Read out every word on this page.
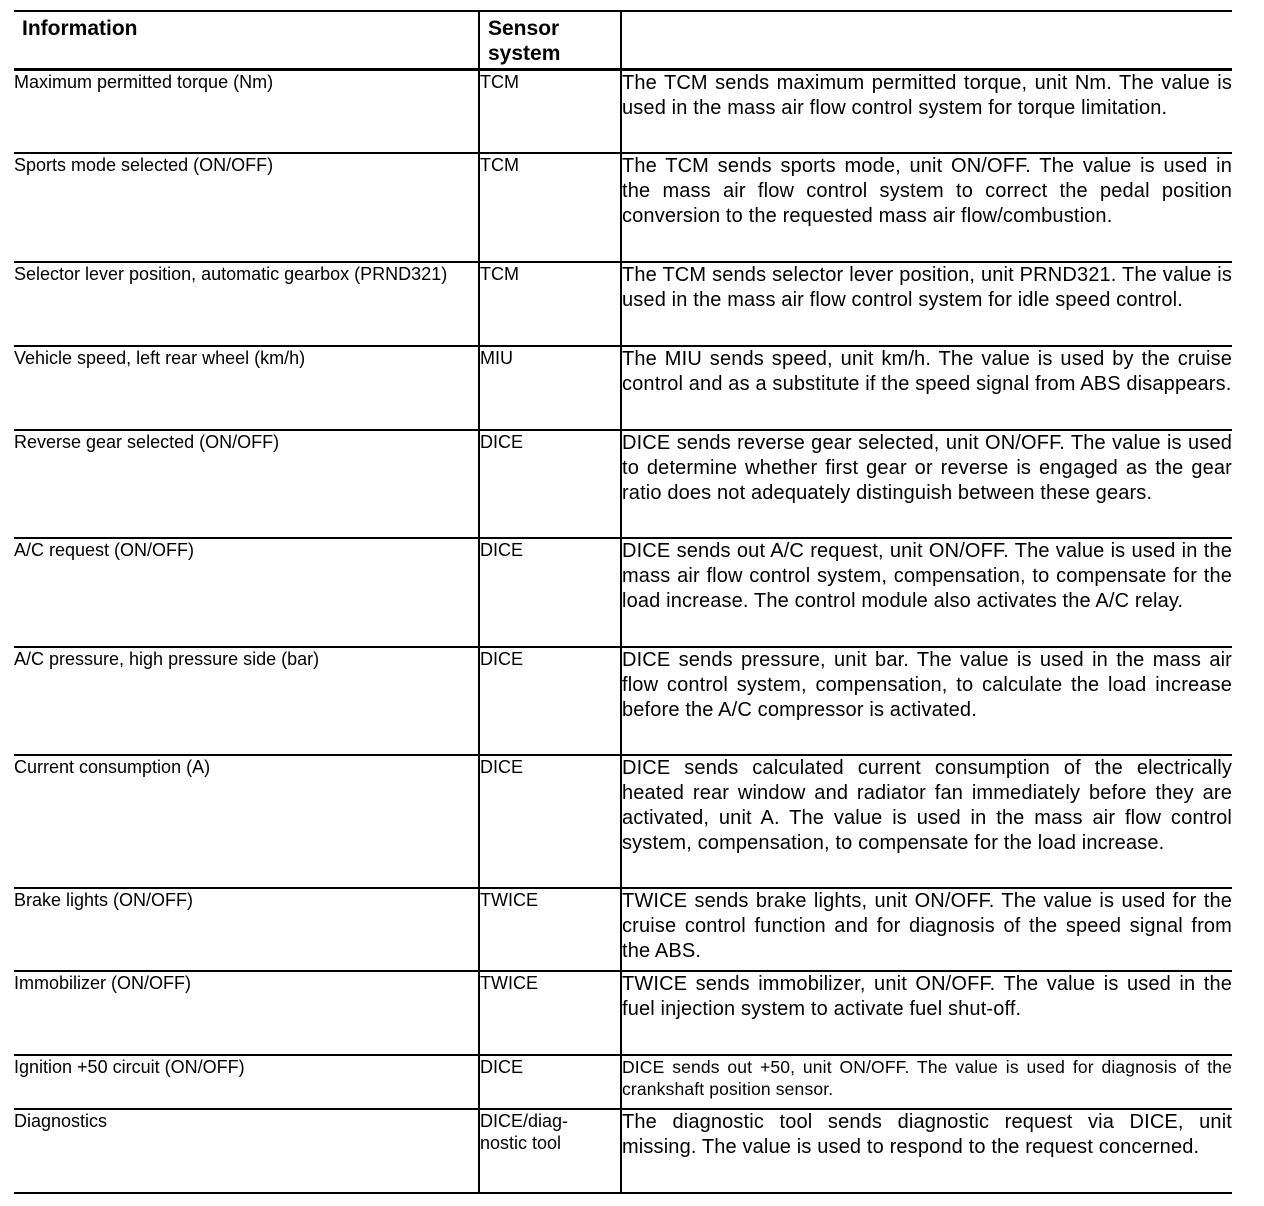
Information	Sensor system	

Maximum permitted torque (Nm)	TCM	The TCM sends maximum permitted torque, unit Nm. The value is used in the mass air flow control system for torque limitation.
Sports mode selected (ON/OFF)	TCM	The TCM sends sports mode, unit ON/OFF. The value is used in the mass air flow control system to correct the pedal position conversion to the requested mass air flow/combustion.
Selector lever position, automatic gearbox (PRND321)	TCM	The TCM sends selector lever position, unit PRND321. The value is used in the mass air flow control system for idle speed control.
Vehicle speed, left rear wheel (km/h)	MIU	The MIU sends speed, unit km/h. The value is used by the cruise control and as a substitute if the speed signal from ABS disappears.
Reverse gear selected (ON/OFF)	DICE	DICE sends reverse gear selected, unit ON/OFF. The value is used to determine whether first gear or reverse is engaged as the gear ratio does not adequately distinguish between these gears.
A/C request (ON/OFF)	DICE	DICE sends out A/C request, unit ON/OFF. The value is used in the mass air flow control system, compensation, to compensate for the load increase. The control module also activates the A/C relay.
A/C pressure, high pressure side (bar)	DICE	DICE sends pressure, unit bar. The value is used in the mass air flow control system, compensation, to calculate the load increase before the A/C compressor is activated.
Current consumption (A)	DICE	DICE sends calculated current consumption of the electrically heated rear window and radiator fan immediately before they are activated, unit A. The value is used in the mass air flow control system, compensation, to compensate for the load increase.
Brake lights (ON/OFF)	TWICE	TWICE sends brake lights, unit ON/OFF. The value is used for the cruise control function and for diagnosis of the speed signal from the ABS.
Immobilizer (ON/OFF)	TWICE	TWICE sends immobilizer, unit ON/OFF. The value is used in the fuel injection system to activate fuel shut-off.
Ignition +50 circuit (ON/OFF)	DICE	DICE sends out +50, unit ON/OFF. The value is used for diagnosis of the crankshaft position sensor.
Diagnostics	DICE/diag-nostic tool	The diagnostic tool sends diagnostic request via DICE, unit missing. The value is used to respond to the request concerned.
